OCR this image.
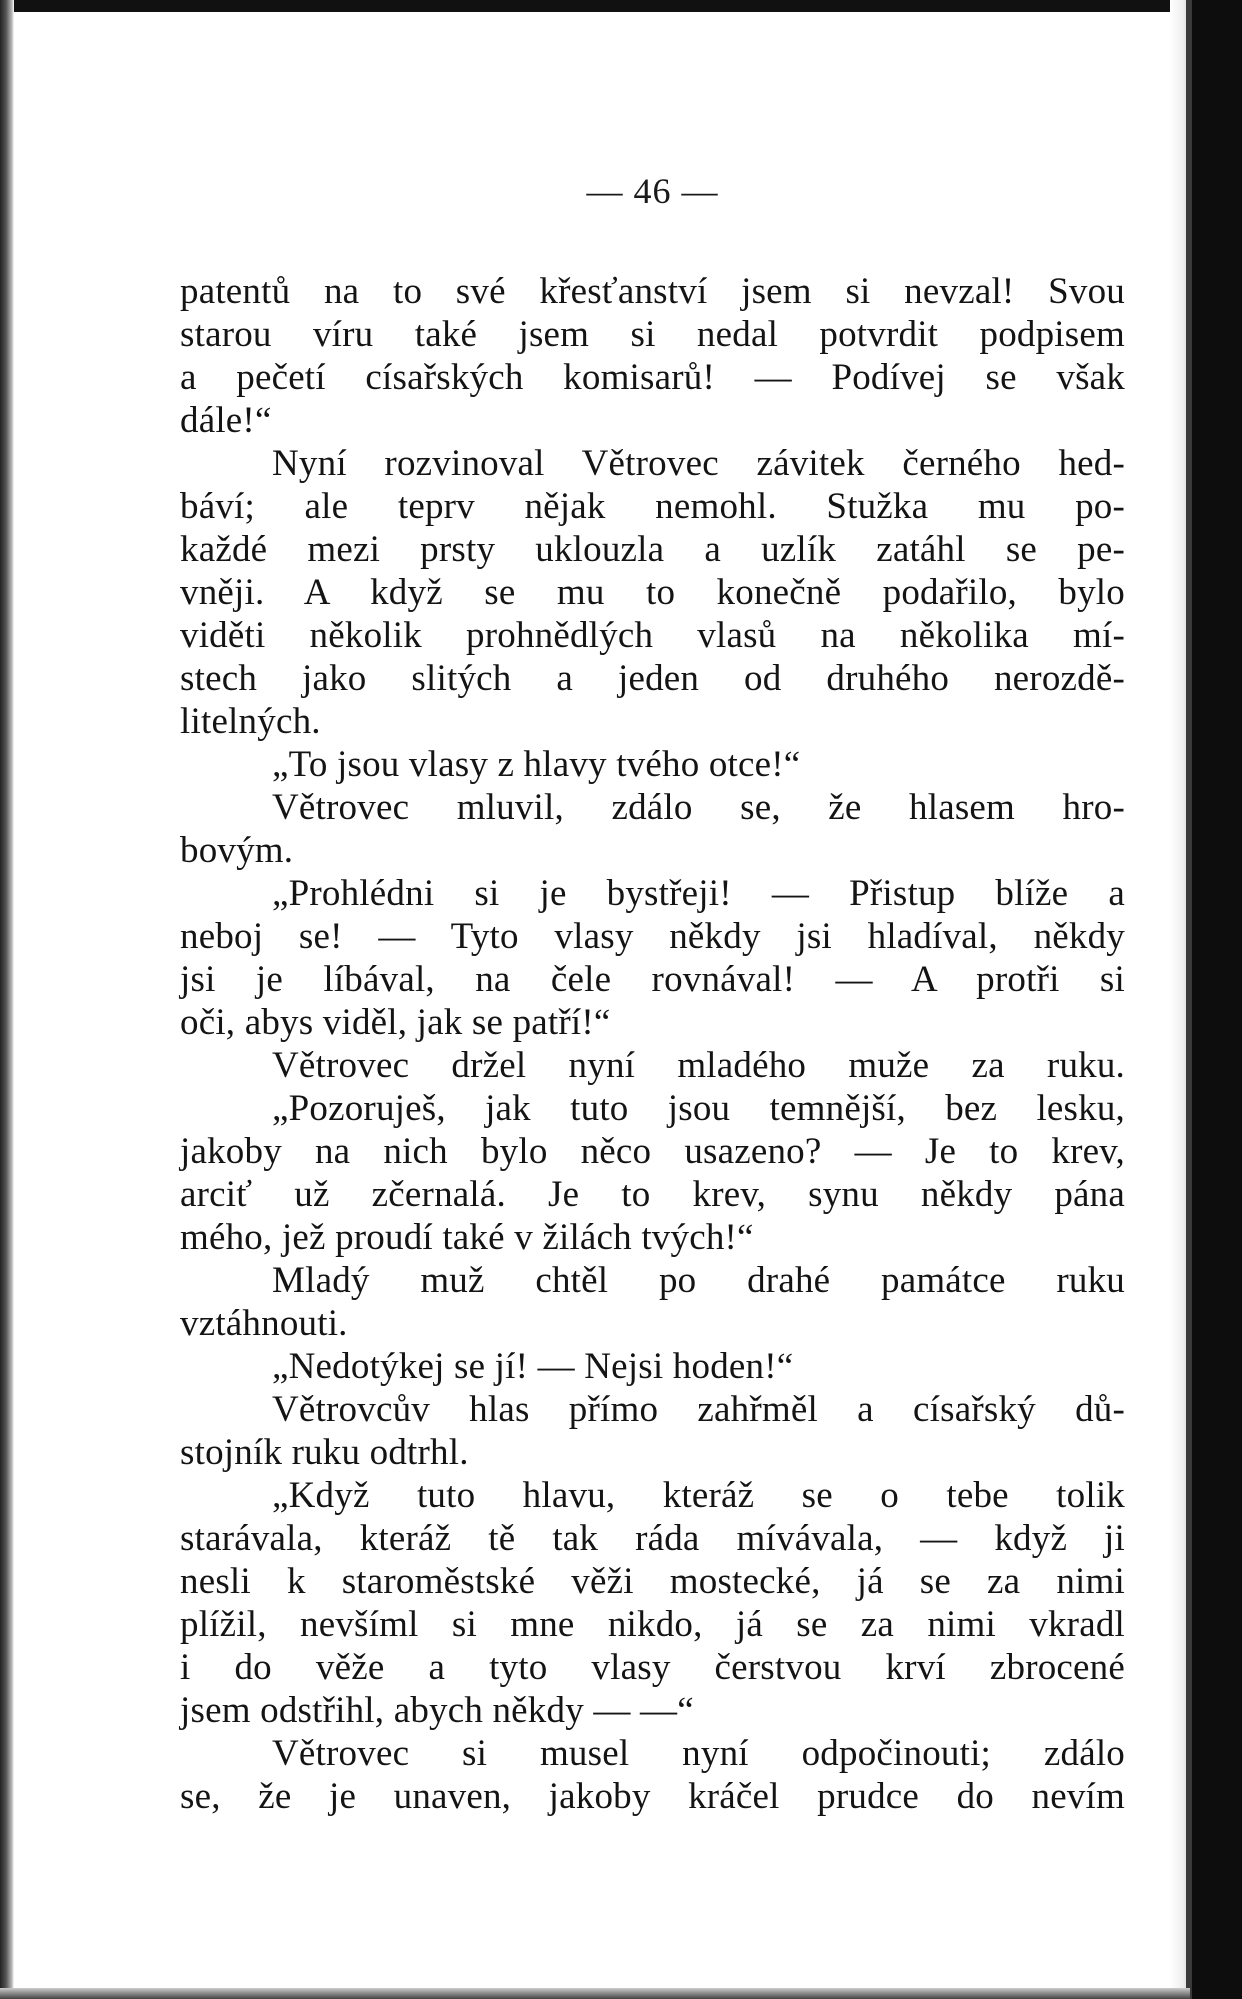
— 46 —
patentů na to své křesťanství jsem si nevzal! Svou
starou víru také jsem si nedal potvrdit podpisem
a pečetí císařských komisarů! — Podívej se však
dále!“
Nyní rozvinoval Větrovec závitek černého hed-
báví; ale teprv nějak nemohl. Stužka mu po-
každé mezi prsty uklouzla a uzlík zatáhl se pe-
vněji. A když se mu to konečně podařilo, bylo
viděti několik prohnědlých vlasů na několika mí-
stech jako slitých a jeden od druhého nerozdě-
litelných.
„To jsou vlasy z hlavy tvého otce!“
Větrovec mluvil, zdálo se, že hlasem hro-
bovým.
„Prohlédni si je bystřeji! — Přistup blíže a
neboj se! — Tyto vlasy někdy jsi hladíval, někdy
jsi je líbával, na čele rovnával! — A protři si
oči, abys viděl, jak se patří!“
Větrovec držel nyní mladého muže za ruku.
„Pozoruješ, jak tuto jsou temnější, bez lesku,
jakoby na nich bylo něco usazeno? — Je to krev,
arciť už zčernalá. Je to krev, synu někdy pána
mého, jež proudí také v žilách tvých!“
Mladý muž chtěl po drahé památce ruku
vztáhnouti.
„Nedotýkej se jí! — Nejsi hoden!“
Větrovcův hlas přímo zahřměl a císařský dů-
stojník ruku odtrhl.
„Když tuto hlavu, kteráž se o tebe tolik
starávala, kteráž tě tak ráda mívávala, — když ji
nesli k staroměstské věži mostecké, já se za nimi
plížil, nevšíml si mne nikdo, já se za nimi vkradl
i do věže a tyto vlasy čerstvou krví zbrocené
jsem odstřihl, abych někdy — —“
Větrovec si musel nyní odpočinouti; zdálo
se, že je unaven, jakoby kráčel prudce do nevím
